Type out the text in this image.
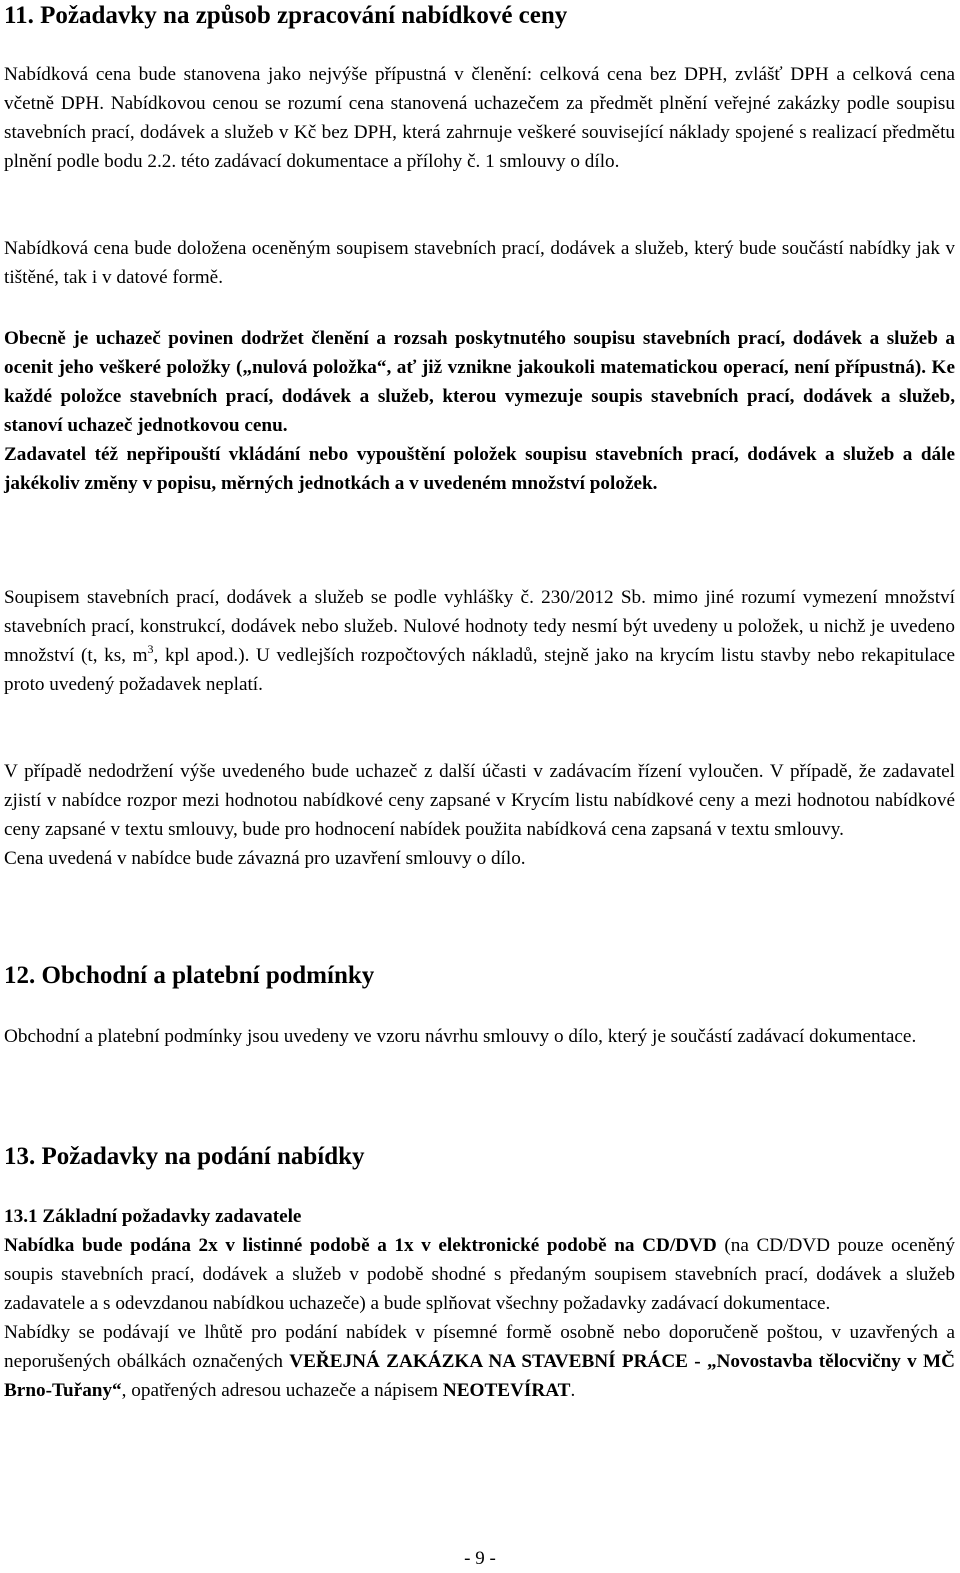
11. Požadavky na způsob zpracování nabídkové ceny

Nabídková cena bude stanovena jako nejvýše přípustná v členění: celková cena bez DPH, zvlášť DPH a celková cena včetně DPH. Nabídkovou cenou se rozumí cena stanovená uchazečem za předmět plnění veřejné zakázky podle soupisu stavebních prací, dodávek a služeb v Kč bez DPH, která zahrnuje veškeré související náklady spojené s realizací předmětu plnění podle bodu 2.2. této zadávací dokumentace a přílohy č. 1 smlouvy o dílo.

Nabídková cena bude doložena oceněným soupisem stavebních prací, dodávek a služeb, který bude součástí nabídky jak v tištěné, tak i v datové formě.

Obecně je uchazeč povinen dodržet členění a rozsah poskytnutého soupisu stavebních prací, dodávek a služeb a ocenit jeho veškeré položky („nulová položka“, ať již vznikne jakoukoli matematickou operací, není přípustná). Ke každé položce stavebních prací, dodávek a služeb, kterou vymezuje soupis stavebních prací, dodávek a služeb, stanoví uchazeč jednotkovou cenu.

Zadavatel též nepřipouští vkládání nebo vypouštění položek soupisu stavebních prací, dodávek a služeb a dále jakékoliv změny v popisu, měrných jednotkách a v uvedeném množství položek.

Soupisem stavebních prací, dodávek a služeb se podle vyhlášky č. 230/2012 Sb. mimo jiné rozumí vymezení množství stavebních prací, konstrukcí, dodávek nebo služeb. Nulové hodnoty tedy nesmí být uvedeny u položek, u nichž je uvedeno množství (t, ks, $m^3$, kpl apod.). U vedlejších rozpočtových nákladů, stejně jako na krycím listu stavby nebo rekapitulace proto uvedený požadavek neplatí.

V případě nedodržení výše uvedeného bude uchazeč z další účasti v zadávacím řízení vyloučen. V případě, že zadavatel zjistí v nabídce rozpor mezi hodnotou nabídkové ceny zapsané v Krycím listu nabídkové ceny a mezi hodnotou nabídkové ceny zapsané v textu smlouvy, bude pro hodnocení nabídek použita nabídková cena zapsaná v textu smlouvy.

Cena uvedená v nabídce bude závazná pro uzavření smlouvy o dílo.

12. Obchodní a platební podmínky

Obchodní a platební podmínky jsou uvedeny ve vzoru návrhu smlouvy o dílo, který je součástí zadávací dokumentace.

13. Požadavky na podání nabídky

13.1 Základní požadavky zadavatele

Nabídka bude podána 2x v listinné podobě a 1x v elektronické podobě na CD/DVD (na CD/DVD pouze oceněný soupis stavebních prací, dodávek a služeb v podobě shodné s předaným soupisem stavebních prací, dodávek a služeb zadavatele a s odevzdanou nabídkou uchazeče) a bude splňovat všechny požadavky zadávací dokumentace.

Nabídky se podávají ve lhůtě pro podání nabídek v písemné formě osobně nebo doporučeně poštou, v uzavřených a neporušených obálkách označených VEŘEJNÁ ZAKÁZKA NA STAVEBNÍ PRÁCE - „Novostavba tělocvičny v MČ Brno-Tuřany“, opatřených adresou uchazeče a nápisem NEOTEVÍRAT.

- 9 -
